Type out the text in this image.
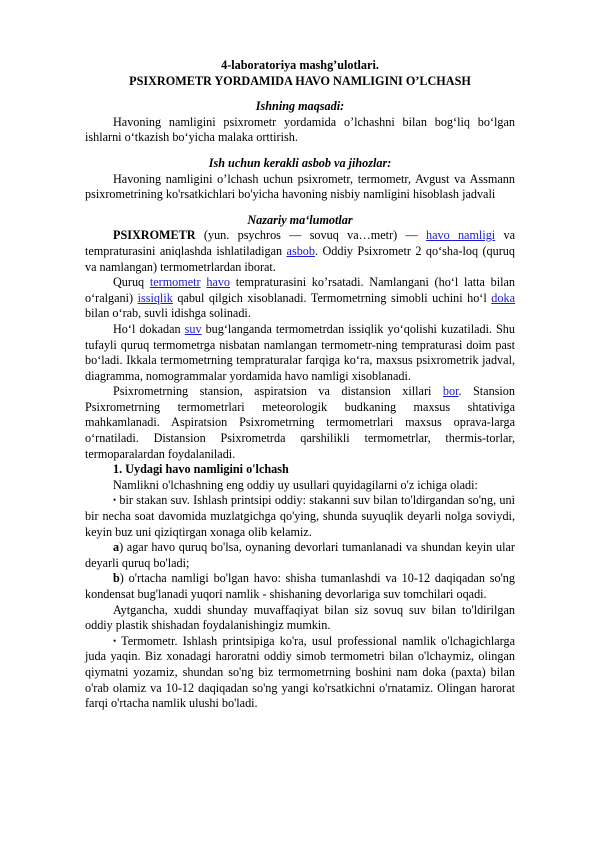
4-laboratoriya mashg’ulotlari.
PSIXROMETR YORDAMIDA HAVO NAMLIGINI O’LCHASH
Ishning maqsadi:

Havoning namligini psixrometr yordamida o’lchashni bilan bog‘liq bo‘lgan ishlarni o‘tkazish bo‘yicha malaka orttirish.

Ish uchun kerakli asbob va jihozlar:

Havoning namligini o’lchash uchun psixrometr, termometr, Avgust va Assmann psixrometrining ko'rsatkichlari bo'yicha havoning nisbiy namligini hisoblash jadvali

Nazariy ma‘lumotlar

PSIXROMETR (yun. psychros — sovuq va…metr) — havo namligi va tempraturasini aniqlashda ishlatiladigan asbob. Oddiy Psixrometr 2 qo‘sha-loq (quruq va namlangan) termometrlardan iborat.

Quruq termometr havo tempraturasini ko’rsatadi. Namlangani (ho‘l latta bilan o‘ralgani) issiqlik qabul qilgich xisoblanadi. Termometrning simobli uchini ho‘l doka bilan o‘rab, suvli idishga solinadi.

Ho‘l dokadan suv bug‘langanda termometrdan issiqlik yo‘qolishi kuzatiladi. Shu tufayli quruq termometrga nisbatan namlangan termometr-ning tempraturasi doim past bo‘ladi. Ikkala termometrning tempraturalar farqiga ko‘ra, maxsus psixrometrik jadval, diagramma, nomogrammalar yordamida havo namligi xisoblanadi.

Psixrometrning stansion, aspiratsion va distansion xillari bor. Stansion Psixrometrning termometrlari meteorologik budkaning maxsus shtativiga mahkamlanadi. Aspiratsion Psixrometrning termometrlari maxsus oprava-larga o‘rnatiladi. Distansion Psixrometrda qarshilikli termometrlar, thermis-torlar, termoparalardan foydalaniladi.

1. Uydagi havo namligini o'lchash

Namlikni o'lchashning eng oddiy uy usullari quyidagilarni o'z ichiga oladi:

• bir stakan suv. Ishlash printsipi oddiy: stakanni suv bilan to'ldirgandan so'ng, uni bir necha soat davomida muzlatgichga qo'ying, shunda suyuqlik deyarli nolga soviydi, keyin buz uni qiziqtirgan xonaga olib kelamiz.

a) agar havo quruq bo'lsa, oynaning devorlari tumanlanadi va shundan keyin ular deyarli quruq bo'ladi;

b) o'rtacha namligi bo'lgan havo: shisha tumanlashdi va 10-12 daqiqadan so'ng kondensat bug'lanadi yuqori namlik - shishaning devorlariga suv tomchilari oqadi.

Aytgancha, xuddi shunday muvaffaqiyat bilan siz sovuq suv bilan to'ldirilgan oddiy plastik shishadan foydalanishingiz mumkin.

• Termometr. Ishlash printsipiga ko'ra, usul professional namlik o'lchagichlarga juda yaqin. Biz xonadagi haroratni oddiy simob termometri bilan o'lchaymiz, olingan qiymatni yozamiz, shundan so'ng biz termometrning boshini nam doka (paxta) bilan o'rab olamiz va 10-12 daqiqadan so'ng yangi ko'rsatkichni o'rnatamiz. Olingan harorat farqi o'rtacha namlik ulushi bo'ladi.
